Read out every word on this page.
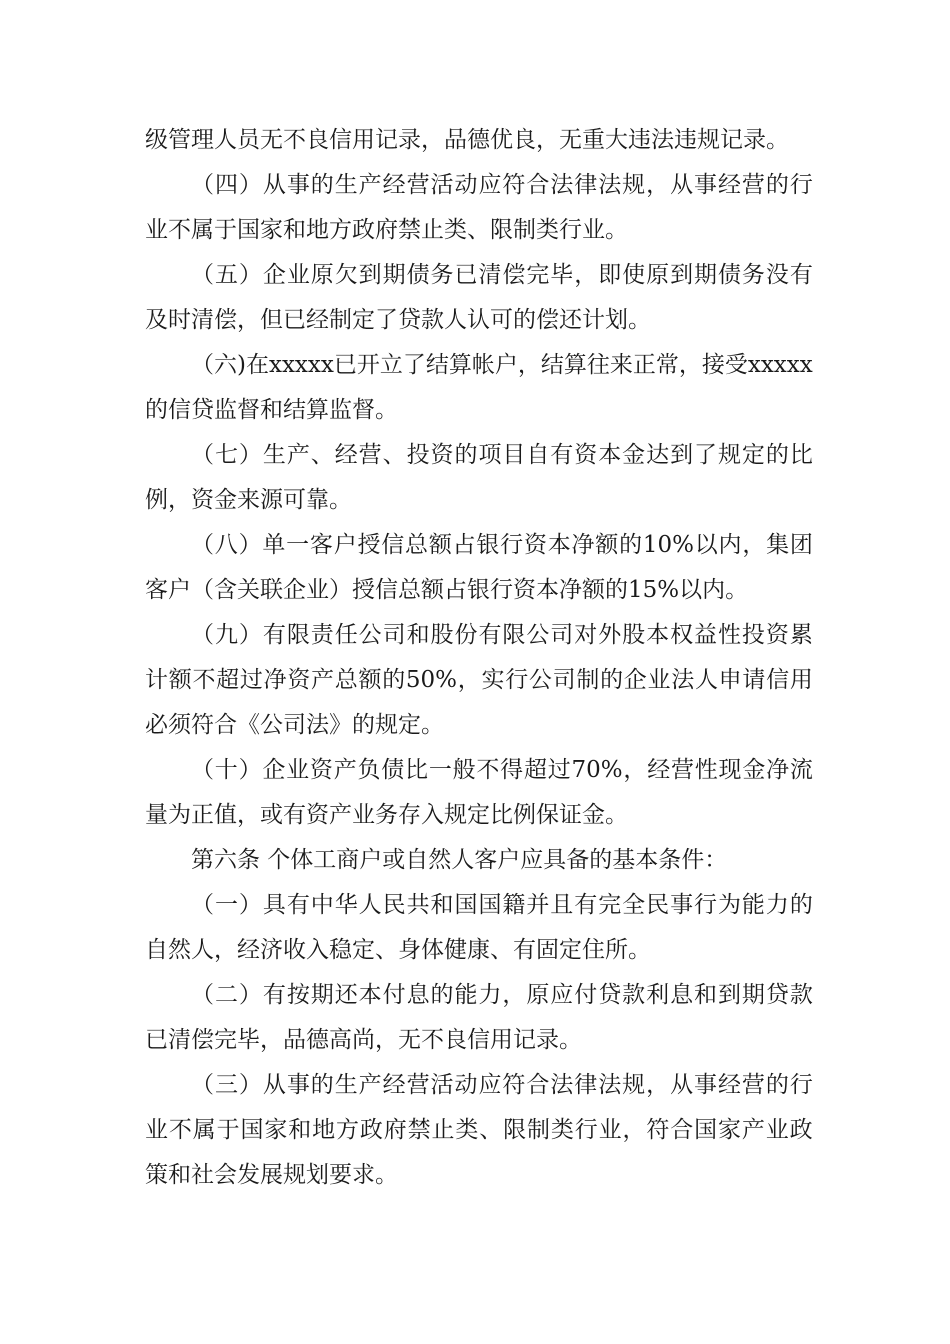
级管理人员无不良信用记录，品德优良，无重大违法违规记录。
（ 四 ） 从 事 的 生 产 经 营 活 动 应 符 合 法 律 法 规 ， 从 事 经 营 的 行
业不属于国家和地方政府禁止类、限制类行业。
（ 五 ） 企 业 原 欠 到 期 债 务 已 清 偿 完 毕 ， 即 使 原 到 期 债 务 没 有
及时清偿，但已经制定了贷款人认可的偿还计划。
（ 六 ) 在 xxxxx 已 开 立 了 结 算 帐 户 ， 结 算 往 来 正 常 ， 接 受 xxxxx
的信贷监督和结算监督。
（ 七 ） 生 产 、 经 营 、 投 资 的 项 目 自 有 资 本 金 达 到 了 规 定 的 比
例，资金来源可靠。
（ 八 ） 单 一 客 户 授 信 总 额 占 银 行 资 本 净 额 的 10% 以 内 ， 集 团
客户（含关联企业）授信总额占银行资本净额的15%以内。
（ 九 ） 有 限 责 任 公 司 和 股 份 有 限 公 司 对 外 股 本 权 益 性 投 资 累
计 额 不 超 过 净 资 产 总 额 的 50% ， 实 行 公 司 制 的 企 业 法 人 申 请 信 用
必须符合《公司法》的规定。
（ 十 ） 企 业 资 产 负 债 比 一 般 不 得 超 过 70% ， 经 营 性 现 金 净 流
量为正值，或有资产业务存入规定比例保证金。
第六条 个体工商户或自然人客户应具备的基本条件：
（ 一 ） 具 有 中 华 人 民 共 和 国 国 籍 并 且 有 完 全 民 事 行 为 能 力 的
自然人，经济收入稳定、身体健康、有固定住所。
（ 二 ） 有 按 期 还 本 付 息 的 能 力 ， 原 应 付 贷 款 利 息 和 到 期 贷 款
已清偿完毕，品德高尚，无不良信用记录。
（ 三 ） 从 事 的 生 产 经 营 活 动 应 符 合 法 律 法 规 ， 从 事 经 营 的 行
业 不 属 于 国 家 和 地 方 政 府 禁 止 类 、 限 制 类 行 业 ， 符 合 国 家 产 业 政
策和社会发展规划要求。
